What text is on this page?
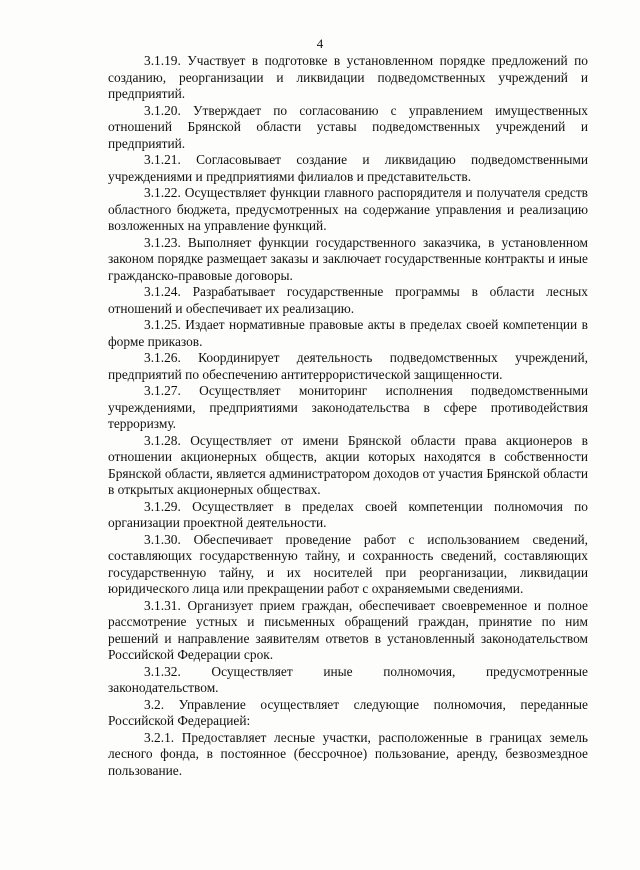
4

3.1.19. Участвует в подготовке в установленном порядке предложений по созданию, реорганизации и ликвидации подведомственных учреждений и предприятий.

3.1.20. Утверждает по согласованию с управлением имущественных отношений Брянской области уставы подведомственных учреждений и предприятий.

3.1.21. Согласовывает создание и ликвидацию подведомственными учреждениями и предприятиями филиалов и представительств.

3.1.22. Осуществляет функции главного распорядителя и получателя средств областного бюджета, предусмотренных на содержание управления и реализацию возложенных на управление функций.

3.1.23. Выполняет функции государственного заказчика, в установленном законом порядке размещает заказы и заключает государственные контракты и иные гражданско-правовые договоры.

3.1.24. Разрабатывает государственные программы в области лесных отношений и обеспечивает их реализацию.

3.1.25. Издает нормативные правовые акты в пределах своей компетенции в форме приказов.

3.1.26. Координирует деятельность подведомственных учреждений, предприятий по обеспечению антитеррористической защищенности.

3.1.27. Осуществляет мониторинг исполнения подведомственными учреждениями, предприятиями законодательства в сфере противодействия терроризму.

3.1.28. Осуществляет от имени Брянской области права акционеров в отношении акционерных обществ, акции которых находятся в собственности Брянской области, является администратором доходов от участия Брянской области в открытых акционерных обществах.

3.1.29. Осуществляет в пределах своей компетенции полномочия по организации проектной деятельности.

3.1.30. Обеспечивает проведение работ с использованием сведений, составляющих государственную тайну, и сохранность сведений, составляющих государственную тайну, и их носителей при реорганизации, ликвидации юридического лица или прекращении работ с охраняемыми сведениями.

3.1.31. Организует прием граждан, обеспечивает своевременное и полное рассмотрение устных и письменных обращений граждан, принятие по ним решений и направление заявителям ответов в установленный законодательством Российской Федерации срок.

3.1.32. Осуществляет иные полномочия, предусмотренные законодательством.

3.2. Управление осуществляет следующие полномочия, переданные Российской Федерацией:

3.2.1. Предоставляет лесные участки, расположенные в границах земель лесного фонда, в постоянное (бессрочное) пользование, аренду, безвозмездное пользование.
